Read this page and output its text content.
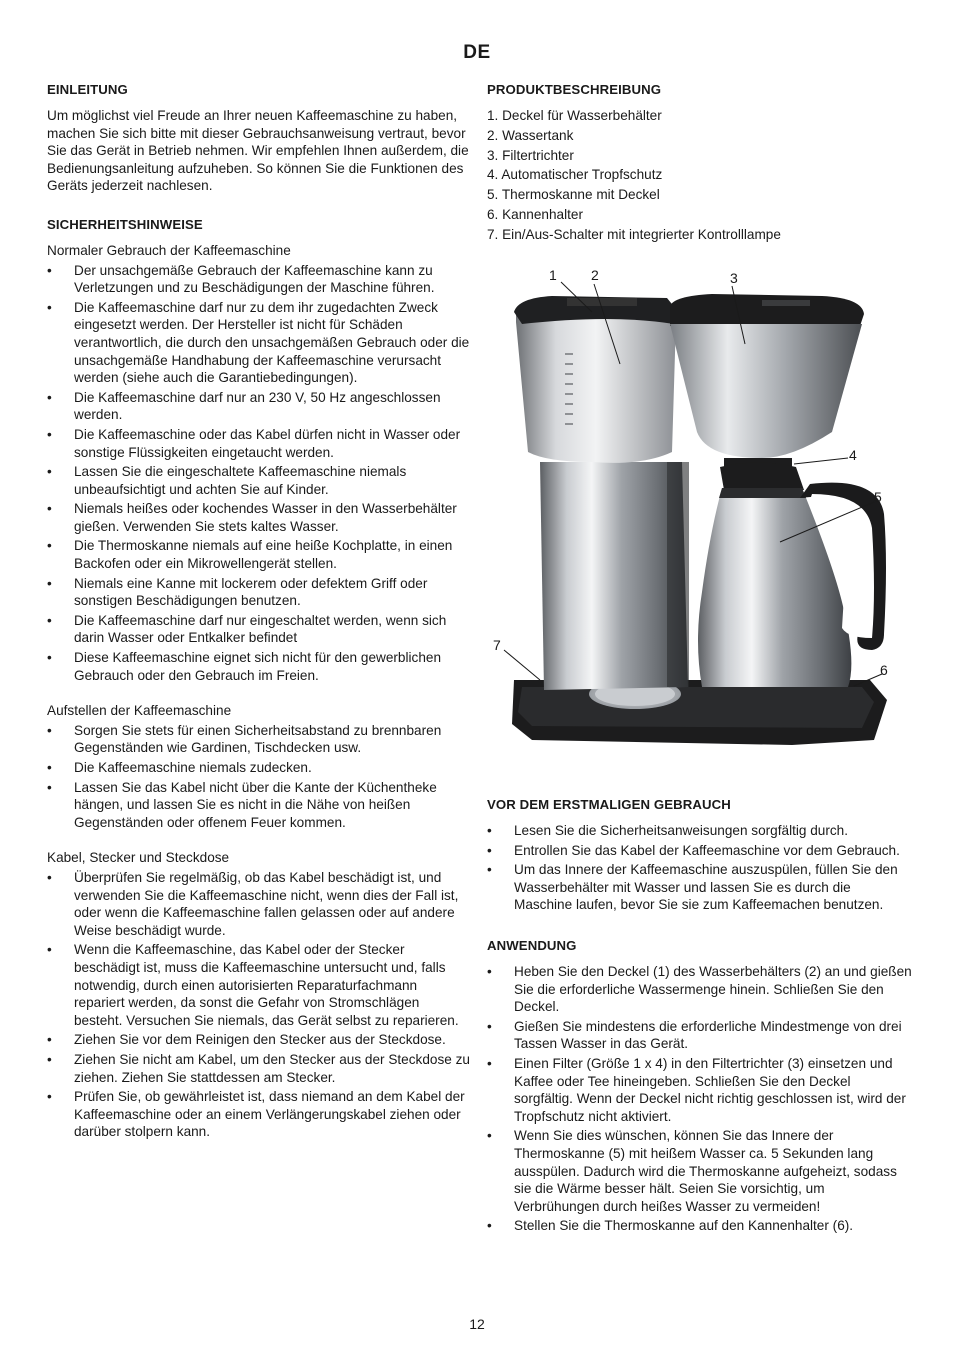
DE
EINLEITUNG

Um möglichst viel Freude an Ihrer neuen Kaffeemaschine zu haben, machen Sie sich bitte mit dieser Gebrauchsanweisung vertraut, bevor Sie das Gerät in Betrieb nehmen. Wir empfehlen Ihnen außerdem, die Bedienungsanleitung aufzuheben. So können Sie die Funktionen des Geräts jederzeit nachlesen.

SICHERHEITSHINWEISE
Normaler Gebrauch der Kaffeemaschine
• Der unsachgemäße Gebrauch der Kaffeemaschine kann zu Verletzungen und zu Beschädigungen der Maschine führen.
• Die Kaffeemaschine darf nur zu dem ihr zugedachten Zweck eingesetzt werden. Der Hersteller ist nicht für Schäden verantwortlich, die durch den unsachgemäßen Gebrauch oder die unsachgemäße Handhabung der Kaffeemaschine verursacht werden (siehe auch die Garantiebedingungen).
• Die Kaffeemaschine darf nur an 230 V, 50 Hz angeschlossen werden.
• Die Kaffeemaschine oder das Kabel dürfen nicht in Wasser oder sonstige Flüssigkeiten eingetaucht werden.
• Lassen Sie die eingeschaltete Kaffeemaschine niemals unbeaufsichtigt und achten Sie auf Kinder.
• Niemals heißes oder kochendes Wasser in den Wasserbehälter gießen. Verwenden Sie stets kaltes Wasser.
• Die Thermoskanne niemals auf eine heiße Kochplatte, in einen Backofen oder ein Mikrowellengerät stellen.
• Niemals eine Kanne mit lockerem oder defektem Griff oder sonstigen Beschädigungen benutzen.
• Die Kaffeemaschine darf nur eingeschaltet werden, wenn sich darin Wasser oder Entkalker befindet
• Diese Kaffeemaschine eignet sich nicht für den gewerblichen Gebrauch oder den Gebrauch im Freien.
Aufstellen der Kaffeemaschine
• Sorgen Sie stets für einen Sicherheitsabstand zu brennbaren Gegenständen wie Gardinen, Tischdecken usw.
• Die Kaffeemaschine niemals zudecken.
• Lassen Sie das Kabel nicht über die Kante der Küchentheke hängen, und lassen Sie es nicht in die Nähe von heißen Gegenständen oder offenem Feuer kommen.
Kabel, Stecker und Steckdose
• Überprüfen Sie regelmäßig, ob das Kabel beschädigt ist, und verwenden Sie die Kaffeemaschine nicht, wenn dies der Fall ist, oder wenn die Kaffeemaschine fallen gelassen oder auf andere Weise beschädigt wurde.
• Wenn die Kaffeemaschine, das Kabel oder der Stecker beschädigt ist, muss die Kaffeemaschine untersucht und, falls notwendig, durch einen autorisierten Reparaturfachmann repariert werden, da sonst die Gefahr von Stromschlägen besteht. Versuchen Sie niemals, das Gerät selbst zu reparieren.
• Ziehen Sie vor dem Reinigen den Stecker aus der Steckdose.
• Ziehen Sie nicht am Kabel, um den Stecker aus der Steckdose zu ziehen. Ziehen Sie stattdessen am Stecker.
• Prüfen Sie, ob gewährleistet ist, dass niemand an dem Kabel der Kaffeemaschine oder an einem Verlängerungskabel ziehen oder darüber stolpern kann.
PRODUKTBESCHREIBUNG
1. Deckel für Wasserbehälter
2. Wassertank
3. Filtertrichter
4. Automatischer Tropfschutz
5. Thermoskanne mit Deckel
6. Kannenhalter
7. Ein/Aus-Schalter mit integrierter Kontrolllampe
1 2	3
4
5
6
7
VOR DEM ERSTMALIGEN GEBRAUCH
• Lesen Sie die Sicherheitsanweisungen sorgfältig durch.
• Entrollen Sie das Kabel der Kaffeemaschine vor dem Gebrauch.
• Um das Innere der Kaffeemaschine auszuspülen, füllen Sie den Wasserbehälter mit Wasser und lassen Sie es durch die Maschine laufen, bevor Sie sie zum Kaffeemachen benutzen.
ANWENDUNG
• Heben Sie den Deckel (1) des Wasserbehälters (2) an und gießen Sie die erforderliche Wassermenge hinein. Schließen Sie den Deckel.
• Gießen Sie mindestens die erforderliche Mindestmenge von drei Tassen Wasser in das Gerät.
• Einen Filter (Größe 1 x 4) in den Filtertrichter (3) einsetzen und Kaffee oder Tee hineingeben. Schließen Sie den Deckel sorgfältig. Wenn der Deckel nicht richtig geschlossen ist, wird der Tropfschutz nicht aktiviert.
• Wenn Sie dies wünschen, können Sie das Innere der Thermoskanne (5) mit heißem Wasser ca. 5 Sekunden lang ausspülen. Dadurch wird die Thermoskanne aufgeheizt, sodass sie die Wärme besser hält. Seien Sie vorsichtig, um Verbrühungen durch heißes Wasser zu vermeiden!
• Stellen Sie die Thermoskanne auf den Kannenhalter (6).
12
